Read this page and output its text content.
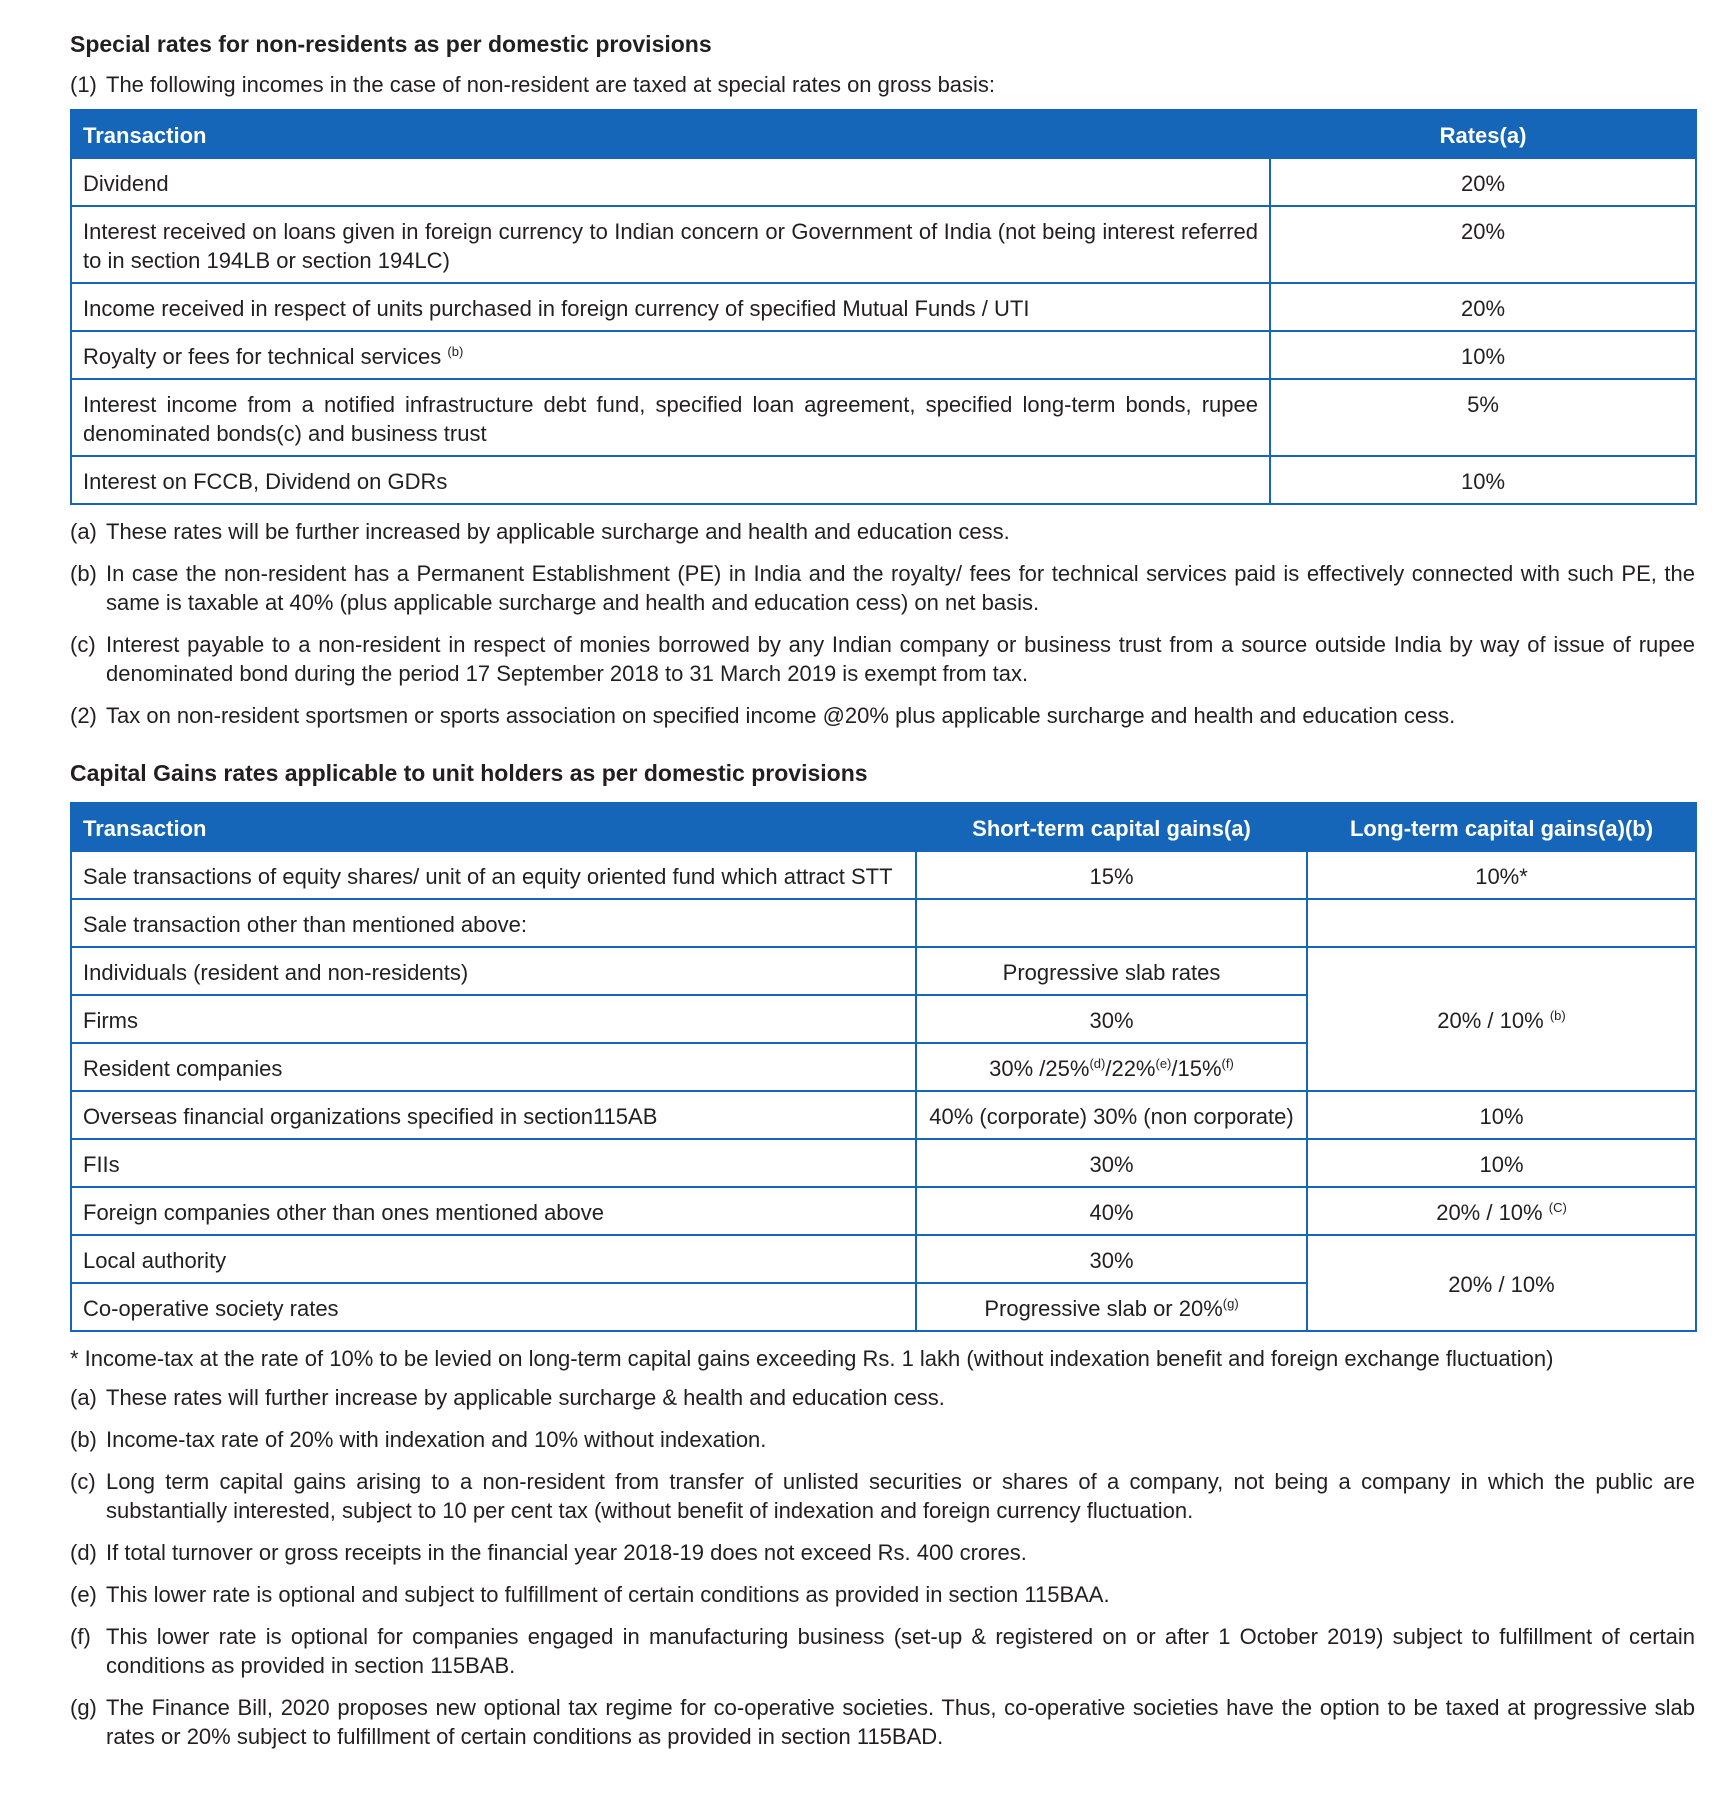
Special rates for non-residents as per domestic provisions
(1) The following incomes in the case of non-resident are taxed at special rates on gross basis:
Transaction	Rates(a)
Dividend	20%
Interest received on loans given in foreign currency to Indian concern or Government of India (not being interest referred to in section 194LB or section 194LC)	20%
Income received in respect of units purchased in foreign currency of specified Mutual Funds / UTI	20%
Royalty or fees for technical services $^{(b)}$	10%
Interest income from a notified infrastructure debt fund, specified loan agreement, specified long-term bonds, rupee denominated bonds(c) and business trust	5%
Interest on FCCB, Dividend on GDRs	10%
(a) These rates will be further increased by applicable surcharge and health and education cess.
(b) In case the non-resident has a Permanent Establishment (PE) in India and the royalty/ fees for technical services paid is effectively connected with such PE, the same is taxable at 40% (plus applicable surcharge and health and education cess) on net basis.
(c) Interest payable to a non-resident in respect of monies borrowed by any Indian company or business trust from a source outside India by way of issue of rupee denominated bond during the period 17 September 2018 to 31 March 2019 is exempt from tax.
(2) Tax on non-resident sportsmen or sports association on specified income @20% plus applicable surcharge and health and education cess.
Capital Gains rates applicable to unit holders as per domestic provisions
Transaction	Short-term capital gains(a)	Long-term capital gains(a)(b)
Sale transactions of equity shares/ unit of an equity oriented fund which attract STT	15%	10%*
Sale transaction other than mentioned above:		
Individuals (resident and non-residents)	Progressive slab rates	20% / 10% $^{(b)}$
Firms	30%	
Resident companies	30% /25%$^{(d)}$/22%$^{(e)}$/15%$^{(f)}$
Overseas financial organizations specified in section115AB	40% (corporate) 30% (non corporate)	10%
FIIs	30%	10%
Foreign companies other than ones mentioned above	40%	20% / 10% $^{(C)}$
Local authority	30%	20% / 10%
Co-operative society rates	Progressive slab or 20%$^{(g)}$
* Income-tax at the rate of 10% to be levied on long-term capital gains exceeding Rs. 1 lakh (without indexation benefit and foreign exchange fluctuation)
(a) These rates will further increase by applicable surcharge & health and education cess.
(b) Income-tax rate of 20% with indexation and 10% without indexation.
(c) Long term capital gains arising to a non-resident from transfer of unlisted securities or shares of a company, not being a company in which the public are substantially interested, subject to 10 per cent tax (without benefit of indexation and foreign currency fluctuation.
(d) If total turnover or gross receipts in the financial year 2018-19 does not exceed Rs. 400 crores.
(e) This lower rate is optional and subject to fulfillment of certain conditions as provided in section 115BAA.
(f) This lower rate is optional for companies engaged in manufacturing business (set-up & registered on or after 1 October 2019) subject to fulfillment of certain conditions as provided in section 115BAB.
(g) The Finance Bill, 2020 proposes new optional tax regime for co-operative societies. Thus, co-operative societies have the option to be taxed at progressive slab rates or 20% subject to fulfillment of certain conditions as provided in section 115BAD.
